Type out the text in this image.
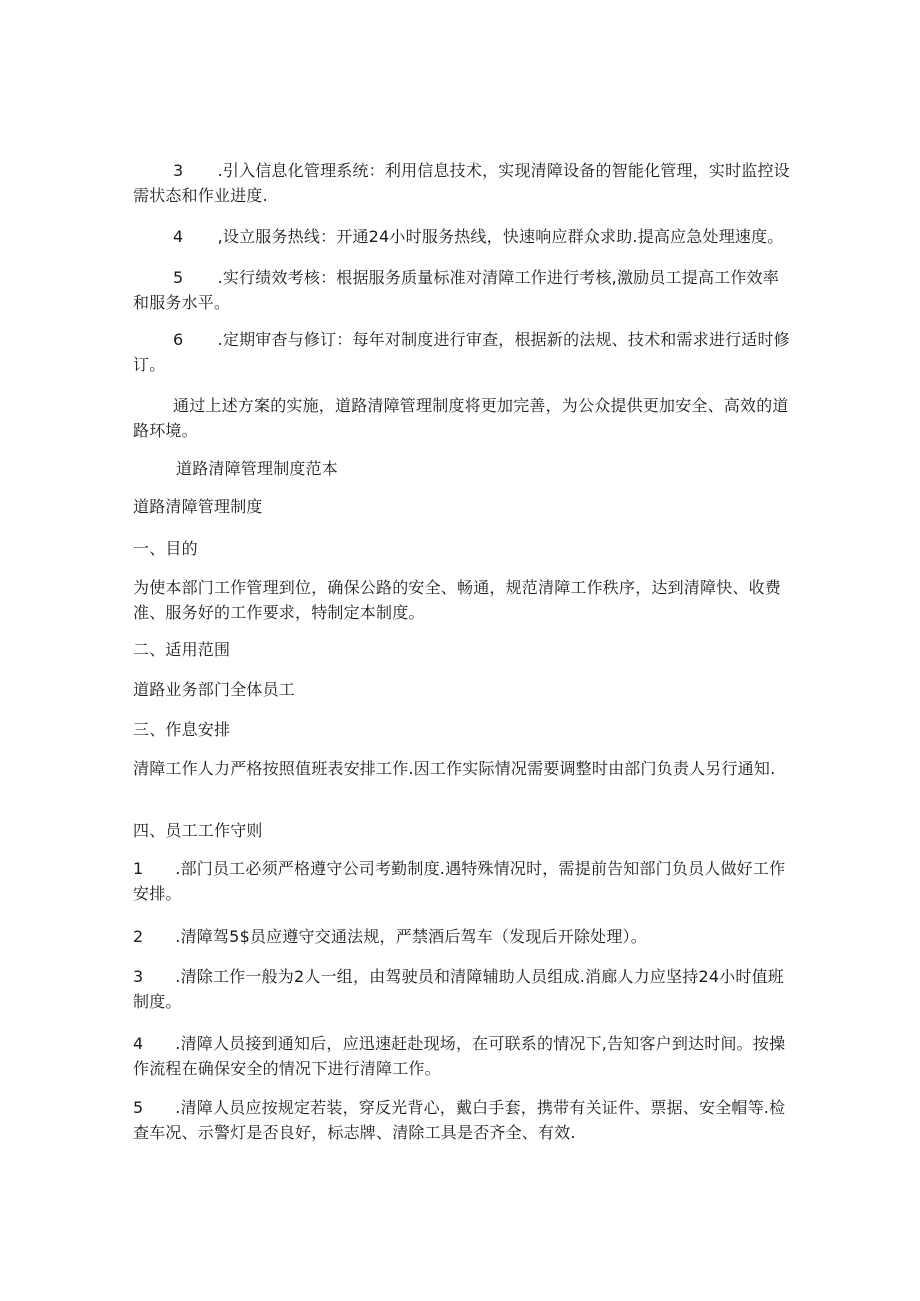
3	.引入信息化管理系统：利用信息技术，实现清障设备的智能化管理，实时监控设需状态和作业进度.
4	,设立服务热线：开通24小时服务热线，快速响应群众求助.提高应急处理速度。
5	.实行绩效考核：根据服务质量标准对清障工作进行考核,激励员工提高工作效率和服务水平。
6	.定期审杳与修订：每年对制度进行审查，根据新的法规、技术和需求进行适时修订。
通过上述方案的实施，道路清障管理制度将更加完善，为公众提供更加安全、高效的道路环境。
道路清障管理制度范本
道路清障管理制度
一、目的
为使本部门工作管理到位，确保公路的安全、畅通，规范清障工作秩序，达到清障快、收费准、服务好的工作要求，特制定本制度。
二、适用范围
道路业务部门全体员工
三、作息安排
清障工作人力严格按照值班表安排工作.因工作实际情况需要调整时由部门负责人另行通知.
四、员工工作守则
1	.部门员工必须严格遵守公司考勤制度.遇特殊情况时，需提前告知部门负员人做好工作安排。
2	.清障驾5$员应遵守交通法规，严禁酒后驾车（发现后开除处理）。
3	.清除工作一般为2人一组，由驾驶员和清障辅助人员组成.消廊人力应坚持24小时值班制度。
4	.清障人员接到通知后，应迅速赶赴现场，在可联系的情况下,告知客户到达时间。按操作流程在确保安全的情况下进行清障工作。
5	.清障人员应按规定若装，穿反光背心，戴白手套，携带有关证件、票据、安全帽等.检查车况、示警灯是否良好，标志牌、清除工具是否齐全、有效.
